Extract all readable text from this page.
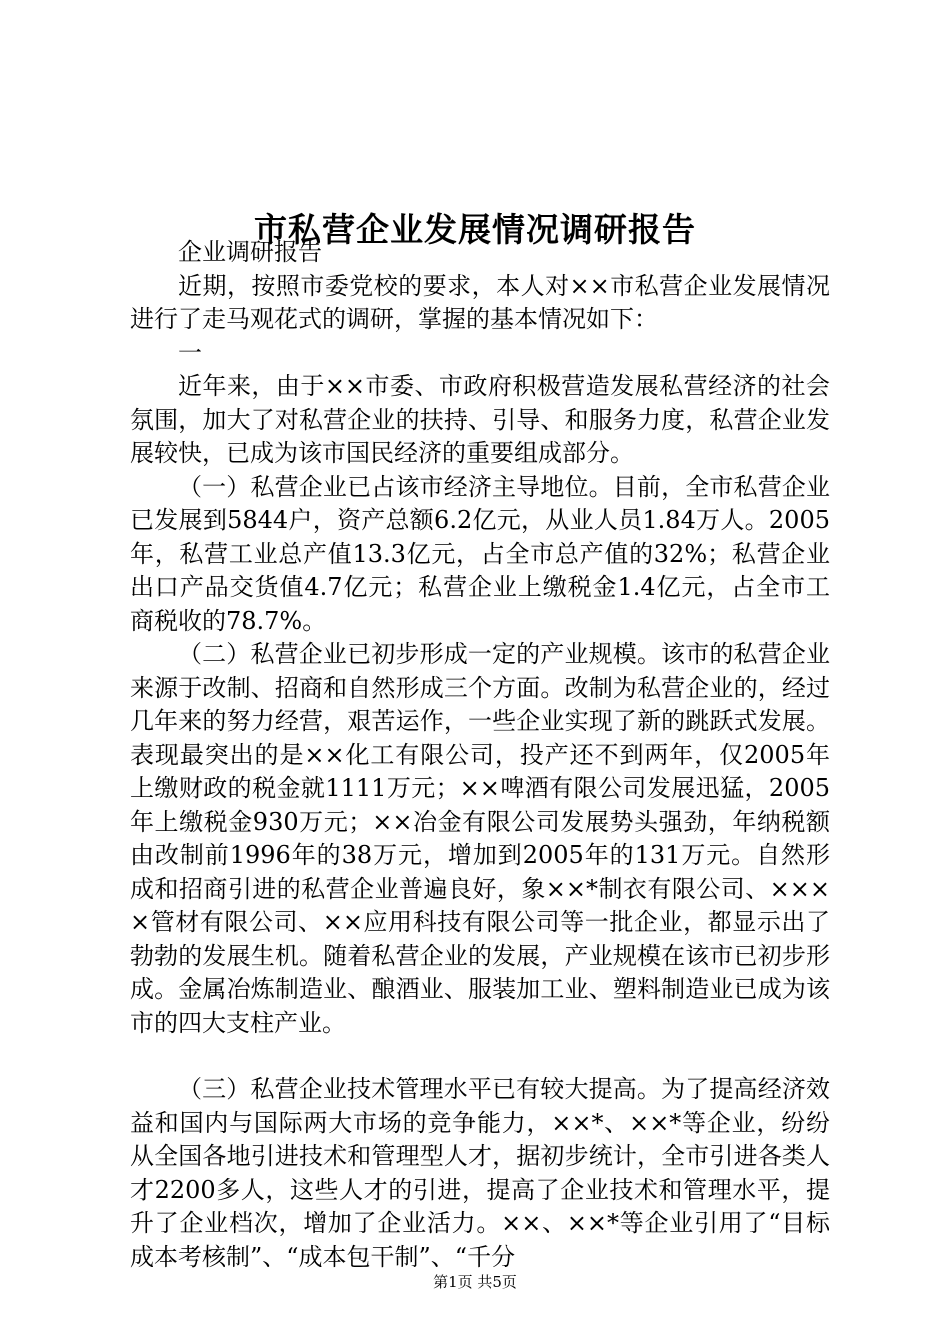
市私营企业发展情况调研报告

企业调研报告

近期，按照市委党校的要求，本人对××市私营企业发展情况进行了走马观花式的调研，掌握的基本情况如下：

一

近年来，由于××市委、市政府积极营造发展私营经济的社会氛围，加大了对私营企业的扶持、引导、和服务力度，私营企业发展较快，已成为该市国民经济的重要组成部分。

（一）私营企业已占该市经济主导地位。目前，全市私营企业已发展到5844户，资产总额6.2亿元，从业人员1.84万人。2005年，私营工业总产值13.3亿元，占全市总产值的32%；私营企业出口产品交货值4.7亿元；私营企业上缴税金1.4亿元，占全市工商税收的78.7%。

（二）私营企业已初步形成一定的产业规模。该市的私营企业来源于改制、招商和自然形成三个方面。改制为私营企业的，经过几年来的努力经营，艰苦运作，一些企业实现了新的跳跃式发展。表现最突出的是××化工有限公司，投产还不到两年，仅2005年上缴财政的税金就1111万元；××啤酒有限公司发展迅猛，2005年上缴税金930万元；××冶金有限公司发展势头强劲，年纳税额由改制前1996年的38万元，增加到2005年的131万元。自然形成和招商引进的私营企业普遍良好，象××*制衣有限公司、××××管材有限公司、××应用科技有限公司等一批企业，都显示出了勃勃的发展生机。随着私营企业的发展，产业规模在该市已初步形成。金属冶炼制造业、酿酒业、服装加工业、塑料制造业已成为该市的四大支柱产业。

（三）私营企业技术管理水平已有较大提高。为了提高经济效益和国内与国际两大市场的竞争能力，××*、××*等企业，纷纷从全国各地引进技术和管理型人才，据初步统计，全市引进各类人才2200多人，这些人才的引进，提高了企业技术和管理水平，提升了企业档次，增加了企业活力。××、××*等企业引用了“目标成本考核制”、“成本包干制”、“千分

第1页 共5页
